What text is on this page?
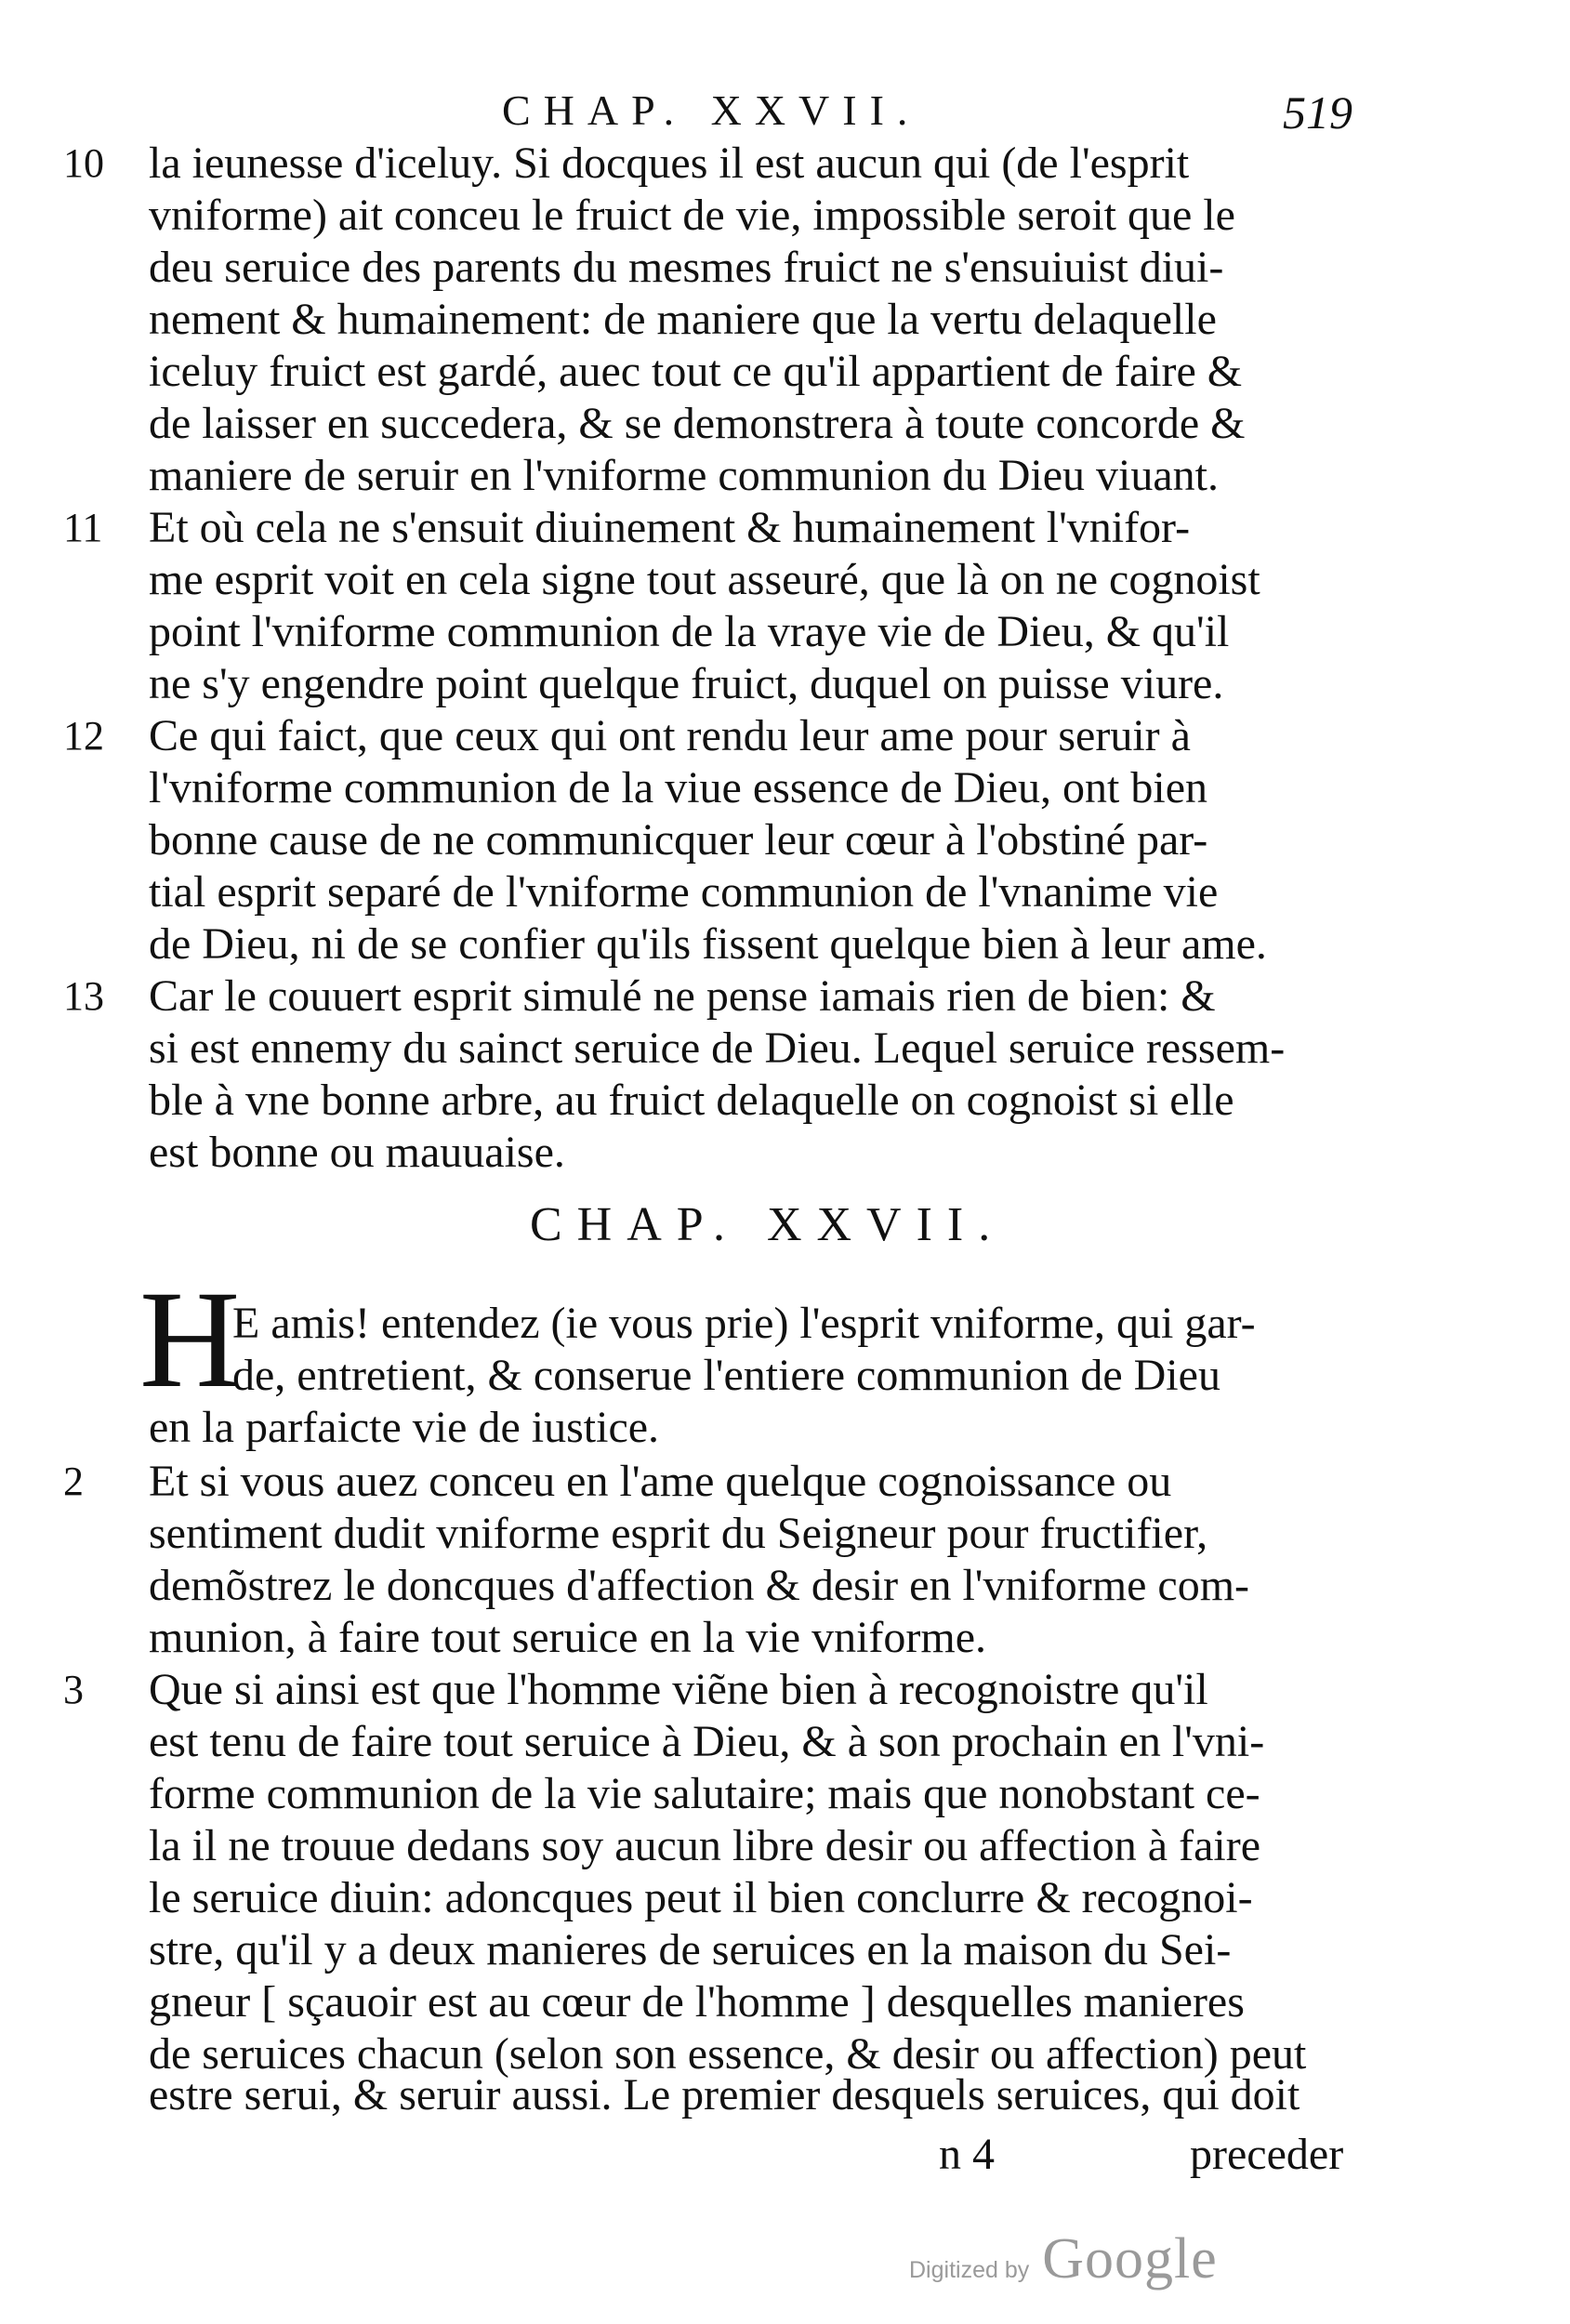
CHAP. XXVII.	519
10	la ieunesse d'iceluy. Si docques il est aucun qui (de l'esprit
vniforme) ait conceu le fruict de vie, impossible seroit que le
deu seruice des parents du mesmes fruict ne s'ensuiuist diui-
nement & humainement: de maniere que la vertu delaquelle
iceluy fruict est gardé, auec tout ce qu'il appartient de faire &
de laisser en succedera, & se demonstrera à toute concorde &
maniere de seruir en l'vniforme communion du Dieu viuant.
11	Et où cela ne s'ensuit diuinement & humainement l'vnifor-
me esprit voit en cela signe tout asseuré, que là on ne cognoist
point l'vniforme communion de la vraye vie de Dieu, & qu'il
ne s'y engendre point quelque fruict, duquel on puisse viure.
12	Ce qui faict, que ceux qui ont rendu leur ame pour seruir à
l'vniforme communion de la viue essence de Dieu, ont bien
bonne cause de ne communicquer leur cœur à l'obstiné par-
tial esprit separé de l'vniforme communion de l'vnanime vie
de Dieu, ni de se confier qu'ils fissent quelque bien à leur ame.
13	Car le couuert esprit simulé ne pense iamais rien de bien: &
si est ennemy du sainct seruice de Dieu. Lequel seruice ressem-
ble à vne bonne arbre, au fruict delaquelle on cognoist si elle
est bonne ou mauuaise.
CHAP. XXVII.
H
E amis! entendez (ie vous prie) l'esprit vniforme, qui gar-
de, entretient, & conserue l'entiere communion de Dieu
en la parfaicte vie de iustice.
2	Et si vous auez conceu en l'ame quelque cognoissance ou
sentiment dudit vniforme esprit du Seigneur pour fructifier,
demõstrez le doncques d'affection & desir en l'vniforme com-
munion, à faire tout seruice en la vie vniforme.
3	Que si ainsi est que l'homme viẽne bien à recognoistre qu'il
est tenu de faire tout seruice à Dieu, & à son prochain en l'vni-
forme communion de la vie salutaire; mais que nonobstant ce-
la il ne trouue dedans soy aucun libre desir ou affection à faire
le seruice diuin: adoncques peut il bien conclurre & recognoi-
stre, qu'il y a deux manieres de seruices en la maison du Sei-
gneur [ sçauoir est au cœur de l'homme ] desquelles manieres
de seruices chacun (selon son essence, & desir ou affection) peut
estre serui, & seruir aussi. Le premier desquels seruices, qui doit
n 4	preceder
Digitized by Google
